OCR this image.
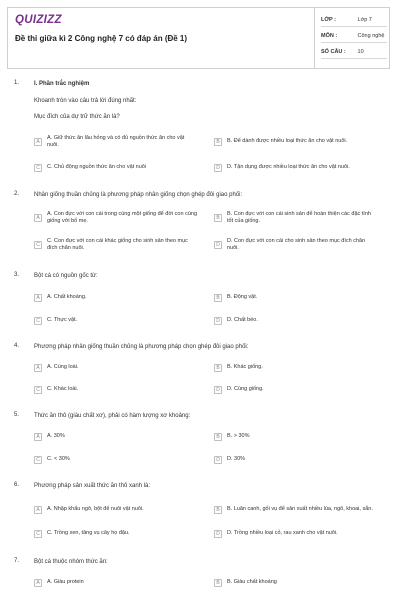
QUIZIZZ
Đề thi giữa kì 2 Công nghệ 7 có đáp án (Đề 1)
LỚP :	Lớp 7
MÔN :	Công nghệ
SỐ CÂU : 10
1. I. Phần trắc nghiệm
Khoanh tròn vào câu trả lời đúng nhất:
Mục đích của dự trữ thức ăn là?
A
A. Giữ thức ăn lâu hỏng và có đủ nguồn thức ăn cho vật nuôi.	B	B. Để dành được nhiều loại thức ăn cho vật nuôi.
C	C. Chủ động nguồn thức ăn cho vật nuôi	D	D. Tận dụng được nhiều loại thức ăn cho vật nuôi.
2. Nhân giống thuần chủng là phương pháp nhân giống chọn ghép đôi giao phối:
A
A. Con đực với con cái trong cùng một giống để đời con cùng giống với bố mẹ.	B
B. Con đực với con cái sinh sản để hoàn thiện các đặc tính tốt của giống.
C
C. Con đực với con cái khác giống cho sinh sản theo mục đích chăn nuôi.	D
D. Con đực với con cái cho sinh sản theo mục đích chăn nuôi.
3. Bột cá có nguồn gốc từ:
A	A. Chất khoáng.	B	B. Động vật.
C	C. Thực vật.	D	D. Chất béo.
4. Phương pháp nhân giống thuần chủng là phương pháp chọn ghép đôi giao phối:
A	A. Cùng loài.	B	B. Khác giống.
C	C. Khác loài.	D	D. Cùng giống.
5. Thức ăn thô (giàu chất xơ), phải có hàm lượng xơ khoảng:
A	A. 30%	B	B. > 30%
C	C. < 30%	D	D. 30%
6. Phương pháp sản xuất thức ăn thô xanh là:
A	A. Nhập khẩu ngô, bột để nuôi vật nuôi.	B	B. Luân canh, gối vụ để sản xuất nhiều lúa, ngô, khoai, sắn.
C	C. Trồng xen, tăng vụ cây họ đậu.	D	D. Trồng nhiều loại cỏ, rau xanh cho vật nuôi.
7. Bột cá thuộc nhóm thức ăn:
A	A. Giàu protein	B	B. Giàu chất khoáng
